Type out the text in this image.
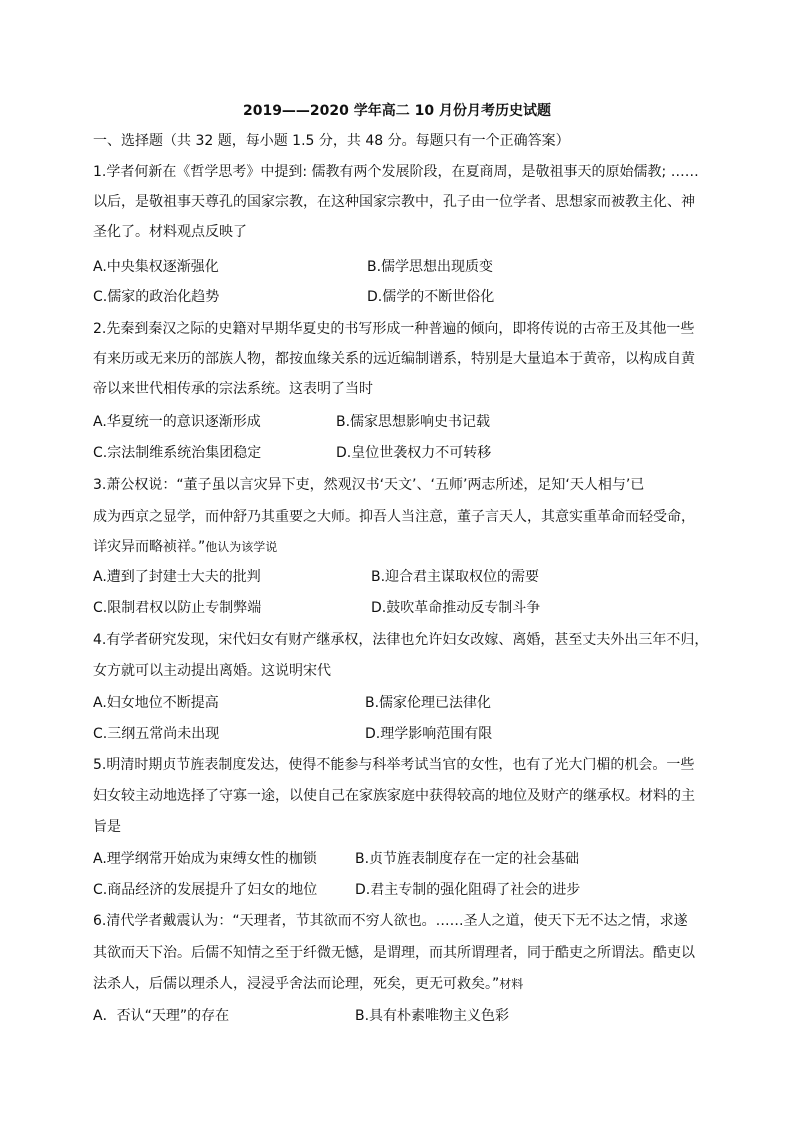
2019——2020 学年高二 10 月份月考历史试题
一、选择题（共 32 题，每小题 1.5 分，共 48 分。每题只有一个正确答案）
1.学者何新在《哲学思考》中提到: 儒教有两个发展阶段，在夏商周，是敬祖事天的原始儒教; ……
以后，是敬祖事天尊孔的国家宗教，在这种国家宗教中，孔子由一位学者、思想家而被教主化、神
圣化了。材料观点反映了
A.中央集权逐渐强化	B.儒学思想出现质变
C.儒家的政治化趋势	D.儒学的不断世俗化
2.先秦到秦汉之际的史籍对早期华夏史的书写形成一种普遍的倾向，即将传说的古帝王及其他一些
有来历或无来历的部族人物，都按血缘关系的远近编制谱系，特别是大量追本于黄帝，以构成自黄
帝以来世代相传承的宗法系统。这表明了当时
A.华夏统一的意识逐渐形成	B.儒家思想影响史书记载
C.宗法制维系统治集团稳定	D.皇位世袭权力不可转移
3.萧公权说：“董子虽以言灾异下吏，然观汉书‘天文’、‘五师’两志所述，足知‘天人相与’已
成为西京之显学，而仲舒乃其重要之大师。抑吾人当注意，董子言天人，其意实重革命而轻受命，
详灾异而略祯祥。”他认为该学说
A.遭到了封建士大夫的批判	B.迎合君主谋取权位的需要
C.限制君权以防止专制弊端	D.鼓吹革命推动反专制斗争
4.有学者研究发现，宋代妇女有财产继承权，法律也允许妇女改嫁、离婚，甚至丈夫外出三年不归，
女方就可以主动提出离婚。这说明宋代
A.妇女地位不断提高	B.儒家伦理已法律化
C.三纲五常尚未出现	D.理学影响范围有限
5.明清时期贞节旌表制度发达，使得不能参与科举考试当官的女性，也有了光大门楣的机会。一些
妇女较主动地选择了守寡一途，以使自己在家族家庭中获得较高的地位及财产的继承权。材料的主
旨是
A.理学纲常开始成为束缚女性的枷锁	B.贞节旌表制度存在一定的社会基础
C.商品经济的发展提升了妇女的地位	D.君主专制的强化阻碍了社会的进步
6.清代学者戴震认为：“天理者，节其欲而不穷人欲也。……圣人之道，使天下无不达之情，求遂
其欲而天下治。后儒不知情之至于纤微无憾，是谓理，而其所谓理者，同于酷吏之所谓法。酷吏以
法杀人，后儒以理杀人，浸浸乎舍法而论理，死矣，更无可救矣。”材料
A．否认“天理”的存在	B.具有朴素唯物主义色彩
